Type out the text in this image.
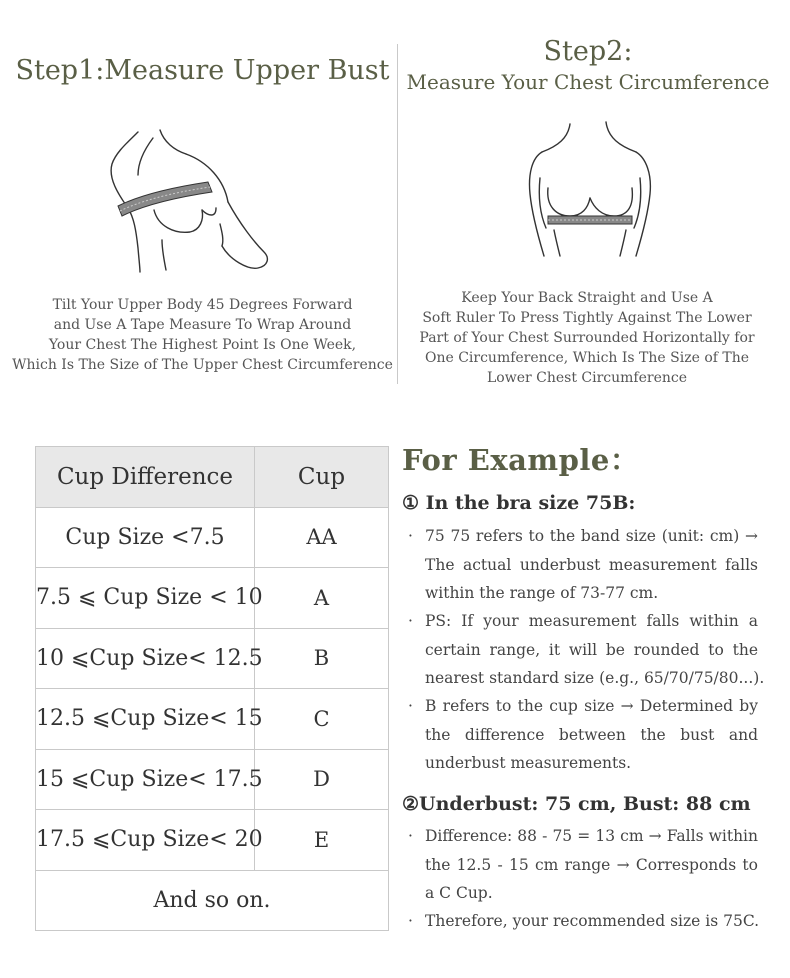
Step1:Measure Upper Bust
Step2:
Measure Your Chest Circumference
Tilt Your Upper Body 45 Degrees Forward
and Use A Tape Measure To Wrap Around
Your Chest The Highest Point Is One Week,
Which Is The Size of The Upper Chest Circumference
Keep Your Back Straight and Use A
Soft Ruler To Press Tightly Against The Lower
Part of Your Chest Surrounded Horizontally for
One Circumference, Which Is The Size of The
Lower Chest Circumference
Cup Difference	Cup
Cup Size <7.5	AA
7.5 ⩽ Cup Size < 10	A
10 ⩽Cup Size< 12.5	B
12.5 ⩽Cup Size< 15	C
15 ⩽Cup Size< 17.5	D
17.5 ⩽Cup Size< 20	E
And so on.	
For Example：
① In the bra size 75B:
· 75 75 refers to the band size (unit: cm) →
The actual underbust measurement falls
within the range of 73-77 cm.
· PS: If your measurement falls within a
certain range, it will be rounded to the
nearest standard size (e.g., 65/70/75/80...).
· B refers to the cup size → Determined by
the difference between the bust and
underbust measurements.
②Underbust: 75 cm, Bust: 88 cm
· Difference: 88 - 75 = 13 cm → Falls within
the 12.5 - 15 cm range → Corresponds to
a C Cup.
· Therefore, your recommended size is 75C.
